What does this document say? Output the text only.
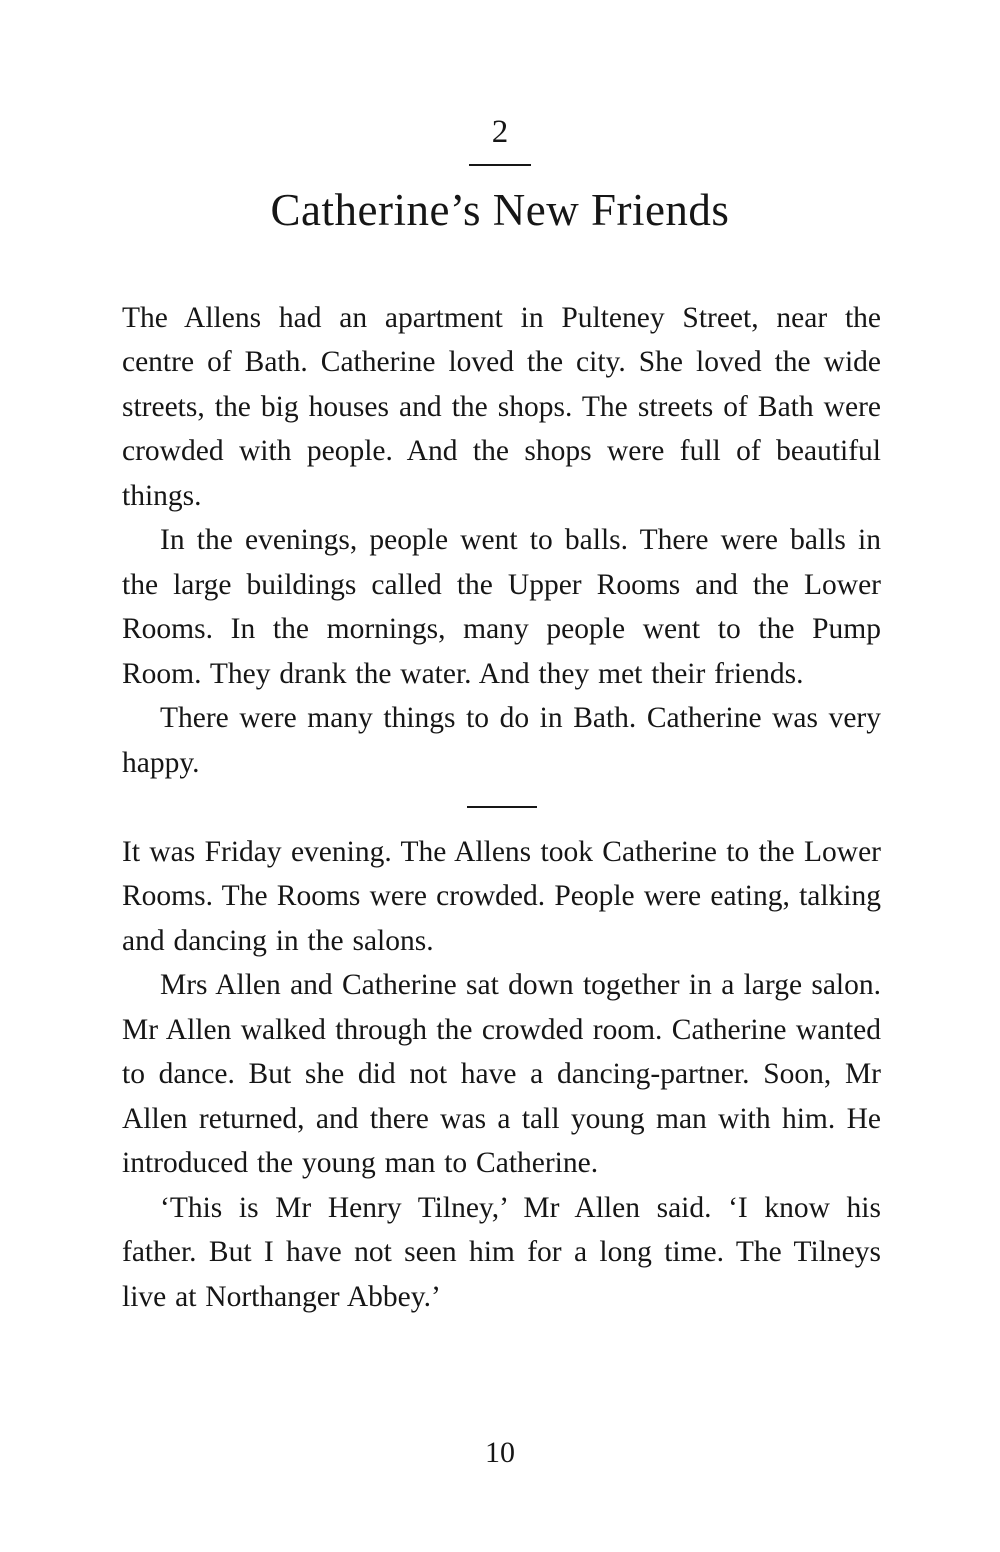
2
Catherine’s New Friends

The Allens had an apartment in Pulteney Street, near the centre of Bath. Catherine loved the city. She loved the wide streets, the big houses and the shops. The streets of Bath were crowded with people. And the shops were full of beautiful things.

In the evenings, people went to balls. There were balls in the large buildings called the Upper Rooms and the Lower Rooms. In the mornings, many people went to the Pump Room. They drank the water. And they met their friends.

There were many things to do in Bath. Catherine was very happy.

It was Friday evening. The Allens took Catherine to the Lower Rooms. The Rooms were crowded. People were eating, talking and dancing in the salons.

Mrs Allen and Catherine sat down together in a large salon. Mr Allen walked through the crowded room. Catherine wanted to dance. But she did not have a dancing-partner. Soon, Mr Allen returned, and there was a tall young man with him. He introduced the young man to Catherine.

‘This is Mr Henry Tilney,’ Mr Allen said. ‘I know his father. But I have not seen him for a long time. The Tilneys live at Northanger Abbey.’

10
